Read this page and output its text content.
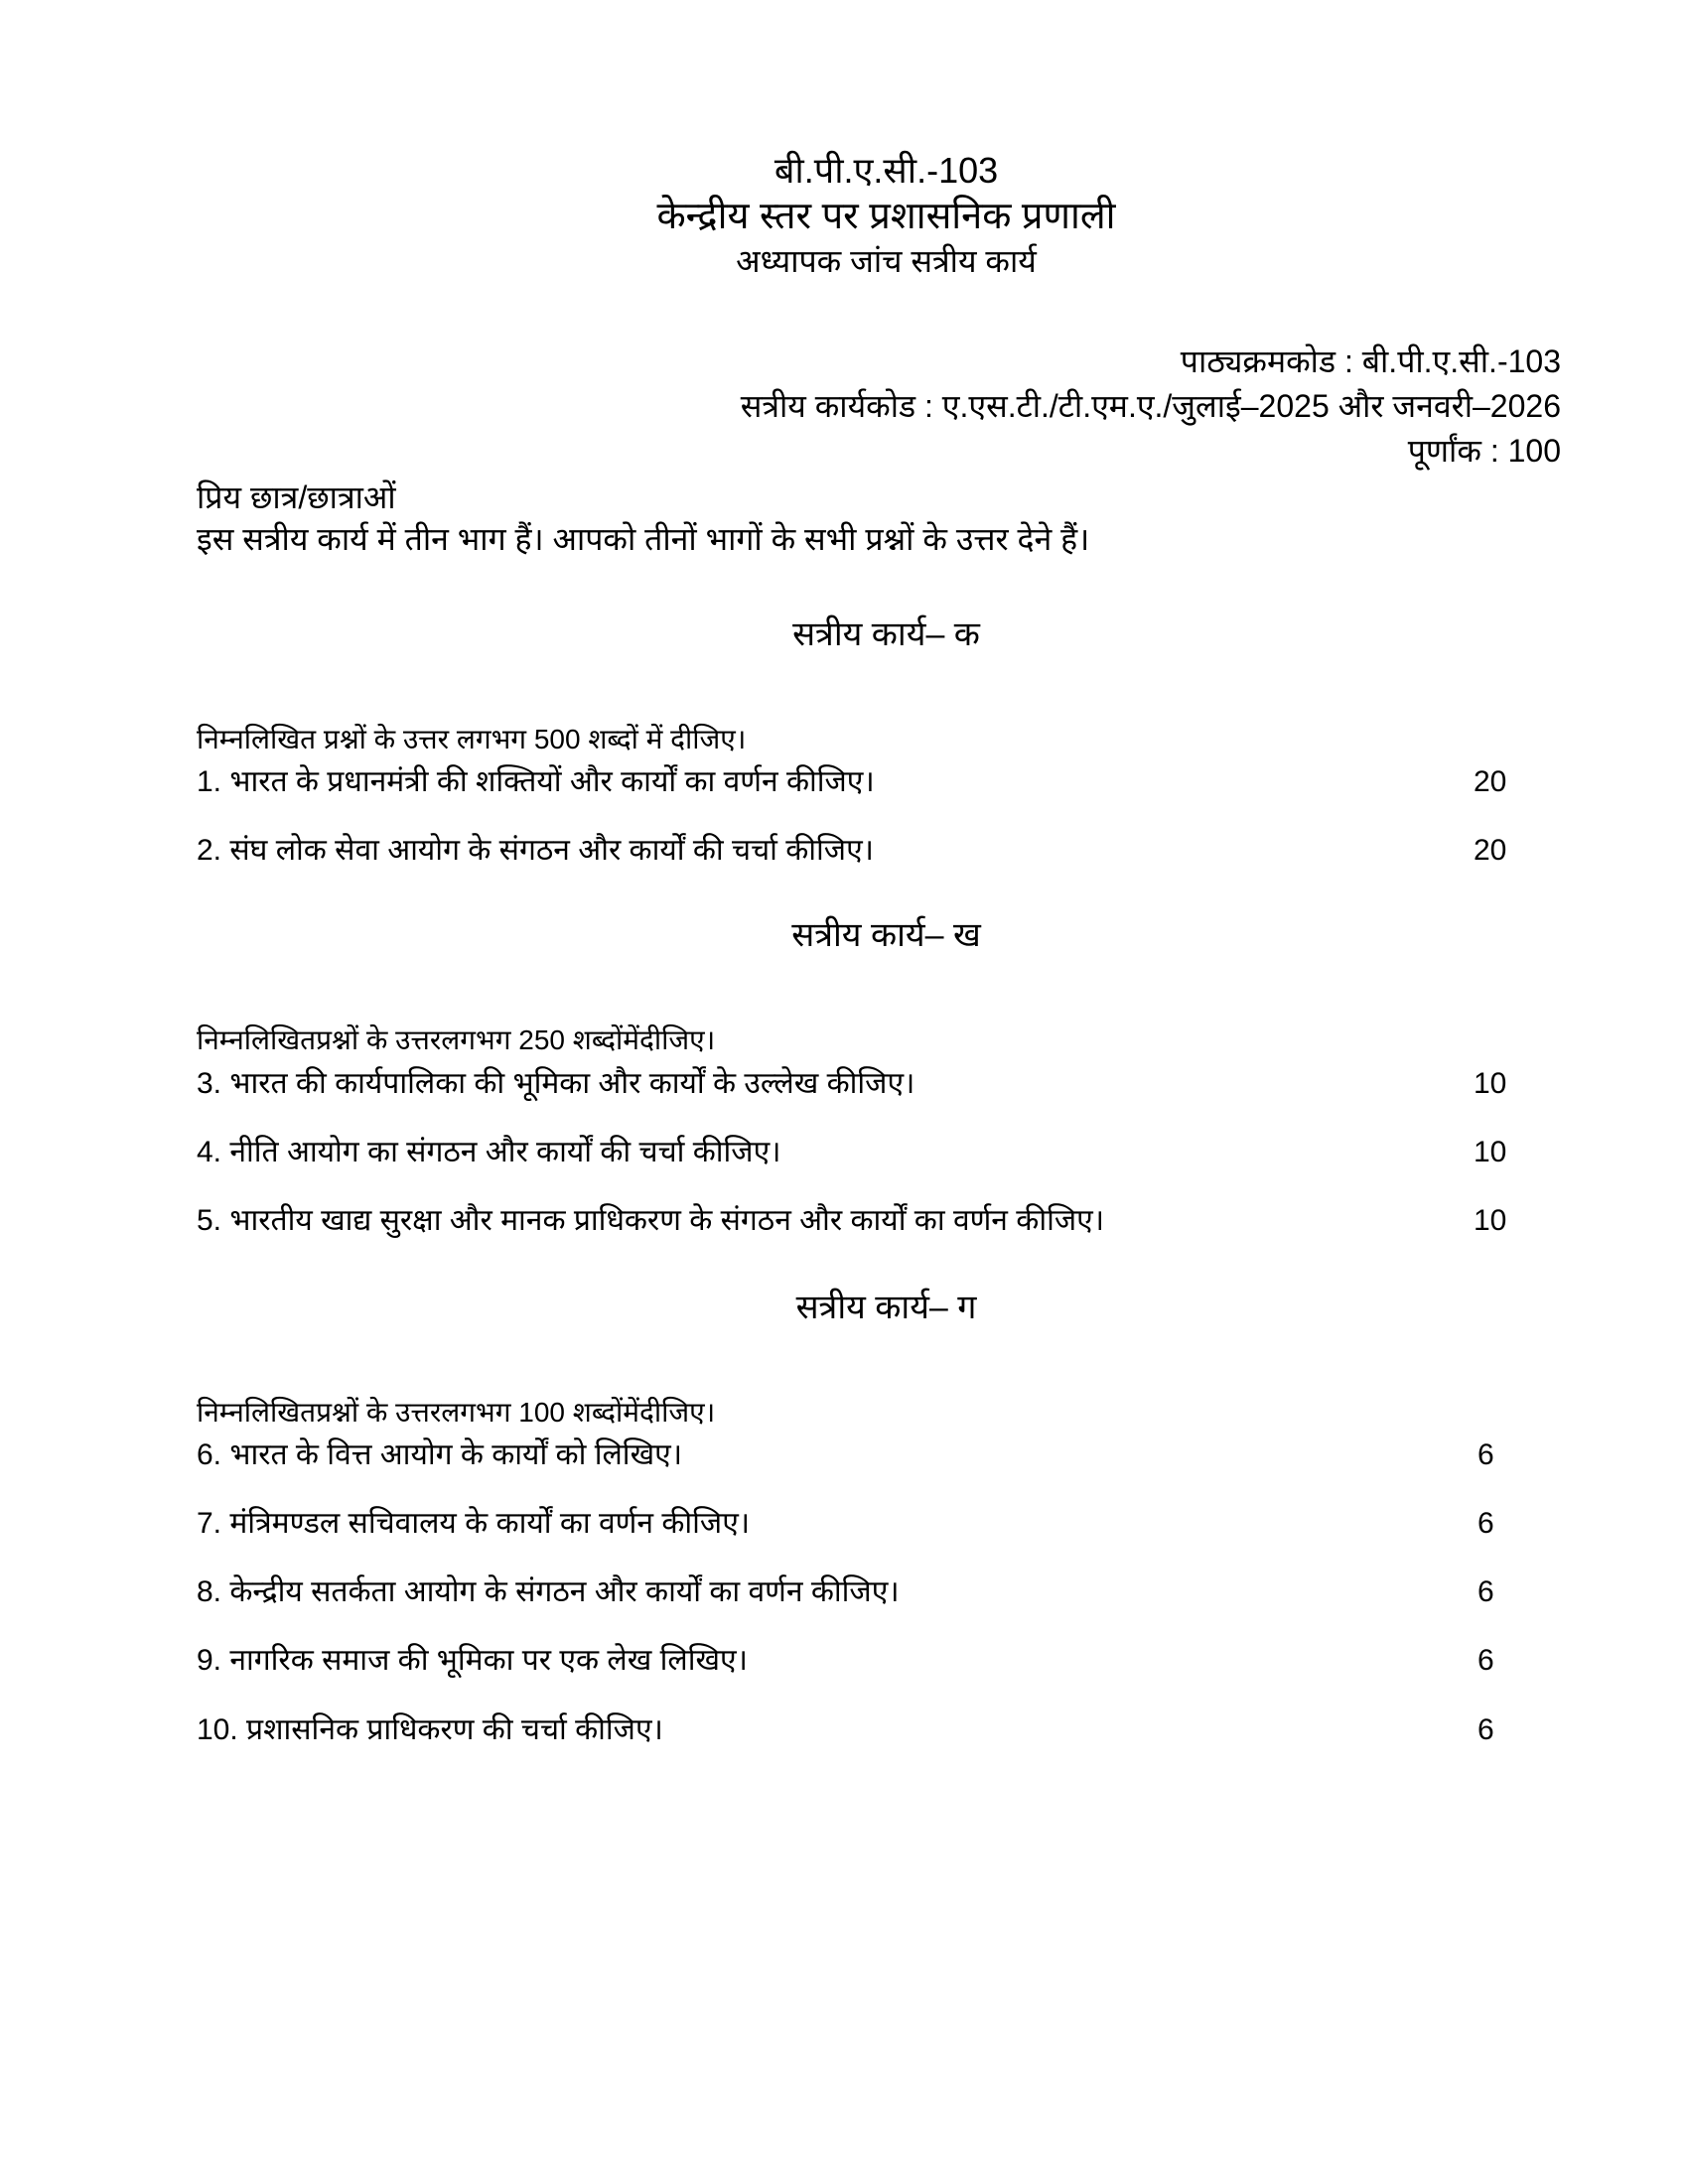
बी.पी.ए.सी.-103
केन्द्रीय स्तर पर प्रशासनिक प्रणाली
अध्यापक जांच सत्रीय कार्य
पाठ्यक्रमकोड : बी.पी.ए.सी.-103
सत्रीय कार्यकोड : ए.एस.टी./टी.एम.ए./जुलाई–2025 और जनवरी–2026
पूर्णांक : 100
प्रिय छात्र/छात्राओं
इस सत्रीय कार्य में तीन भाग हैं। आपको तीनों भागों के सभी प्रश्नों के उत्तर देने हैं।
सत्रीय कार्य– क
निम्नलिखित प्रश्नों के उत्तर लगभग 500 शब्दों में दीजिए।
1. भारत के प्रधानमंत्री की शक्तियों और कार्यों का वर्णन कीजिए।	20
2. संघ लोक सेवा आयोग के संगठन और कार्यों की चर्चा कीजिए।	20
सत्रीय कार्य– ख
निम्नलिखितप्रश्नों के उत्तरलगभग 250 शब्दोंमेंदीजिए।
3. भारत की कार्यपालिका की भूमिका और कार्यों के उल्लेख कीजिए।	10
4. नीति आयोग का संगठन और कार्यों की चर्चा कीजिए।	10
5. भारतीय खाद्य सुरक्षा और मानक प्राधिकरण के संगठन और कार्यों का वर्णन कीजिए।	10
सत्रीय कार्य– ग
निम्नलिखितप्रश्नों के उत्तरलगभग 100 शब्दोंमेंदीजिए।
6. भारत के वित्त आयोग के कार्यों को लिखिए।	6
7. मंत्रिमण्डल सचिवालय के कार्यों का वर्णन कीजिए।	6
8. केन्द्रीय सतर्कता आयोग के संगठन और कार्यों का वर्णन कीजिए।	6
9. नागरिक समाज की भूमिका पर एक लेख लिखिए।	6
10. प्रशासनिक प्राधिकरण की चर्चा कीजिए।	6
